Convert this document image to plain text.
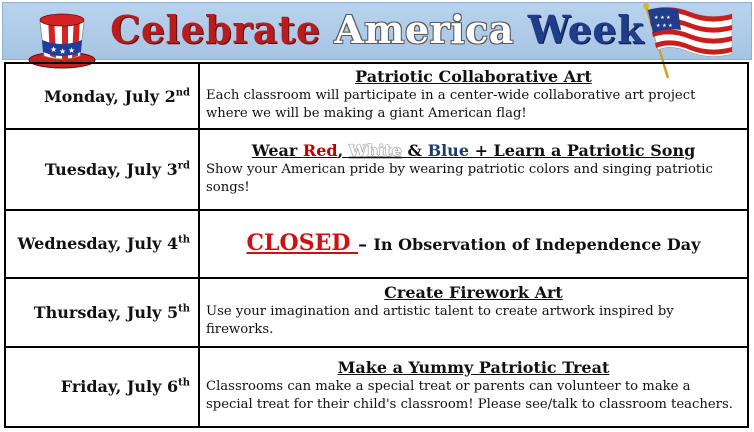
★ ★ ★ Celebrate America Week	★ ★ ★
★ ★ ★
Monday, July 2nd	Patriotic Collaborative Art
Each classroom will participate in a center-wide collaborative art project where we will be making a giant American flag!

Tuesday, July 3rd	Wear Red, White & Blue + Learn a Patriotic Song
Show your American pride by wearing patriotic colors and singing patriotic songs!

Wednesday, July 4th	CLOSED – In Observation of Independence Day

Thursday, July 5th	Create Firework Art
Use your imagination and artistic talent to create artwork inspired by fireworks.

Friday, July 6th	Make a Yummy Patriotic Treat
Classrooms can make a special treat or parents can volunteer to make a special treat for their child's classroom! Please see/talk to classroom teachers.
